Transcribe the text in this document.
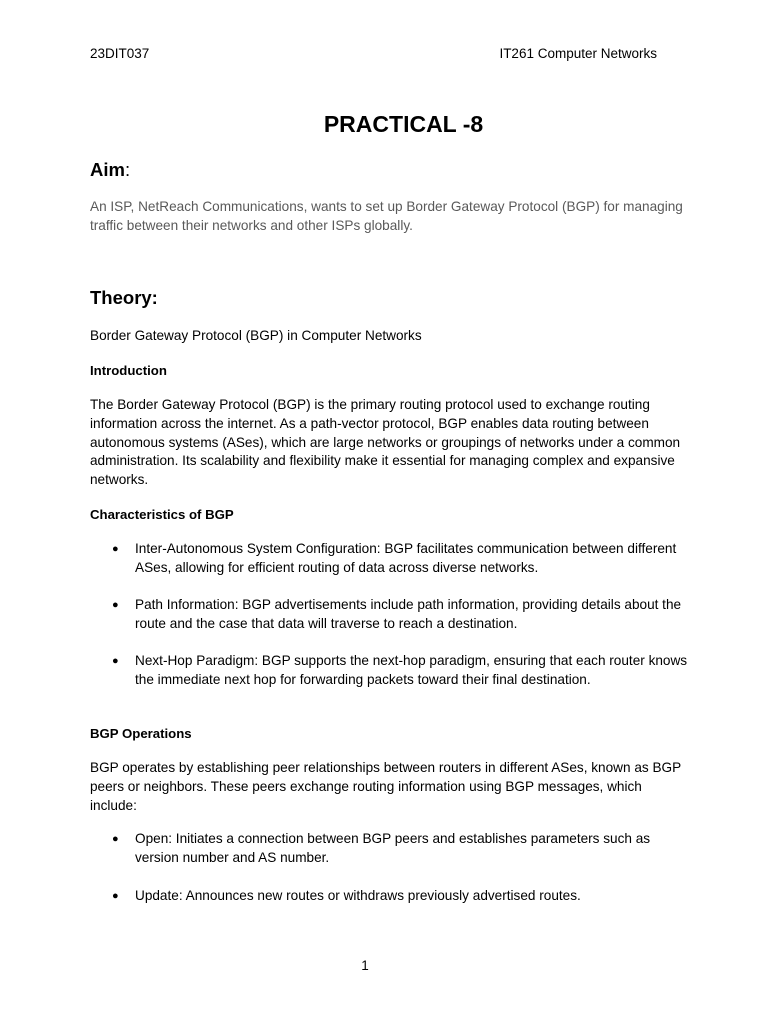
23DIT037	IT261 Computer Networks
PRACTICAL -8
Aim:

An ISP, NetReach Communications, wants to set up Border Gateway Protocol (BGP) for managing traffic between their networks and other ISPs globally.

Theory:

Border Gateway Protocol (BGP) in Computer Networks

Introduction

The Border Gateway Protocol (BGP) is the primary routing protocol used to exchange routing information across the internet. As a path-vector protocol, BGP enables data routing between autonomous systems (ASes), which are large networks or groupings of networks under a common administration. Its scalability and flexibility make it essential for managing complex and expansive networks.

Characteristics of BGP
●	Inter-Autonomous System Configuration: BGP facilitates communication between different ASes, allowing for efficient routing of data across diverse networks.
●	Path Information: BGP advertisements include path information, providing details about the route and the case that data will traverse to reach a destination.
●	Next-Hop Paradigm: BGP supports the next-hop paradigm, ensuring that each router knows the immediate next hop for forwarding packets toward their final destination.
BGP Operations

BGP operates by establishing peer relationships between routers in different ASes, known as BGP peers or neighbors. These peers exchange routing information using BGP messages, which include:

●	Open: Initiates a connection between BGP peers and establishes parameters such as version number and AS number.
●	Update: Announces new routes or withdraws previously advertised routes.
1
